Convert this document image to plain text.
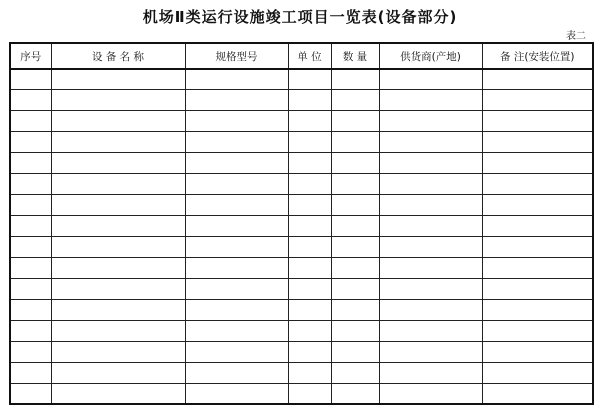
机场Ⅱ类运行设施竣工项目一览表(设备部分)
表二
序号	设 备 名 称	规格型号	单 位	数 量	供货商(产地)	备 注(安装位置)
